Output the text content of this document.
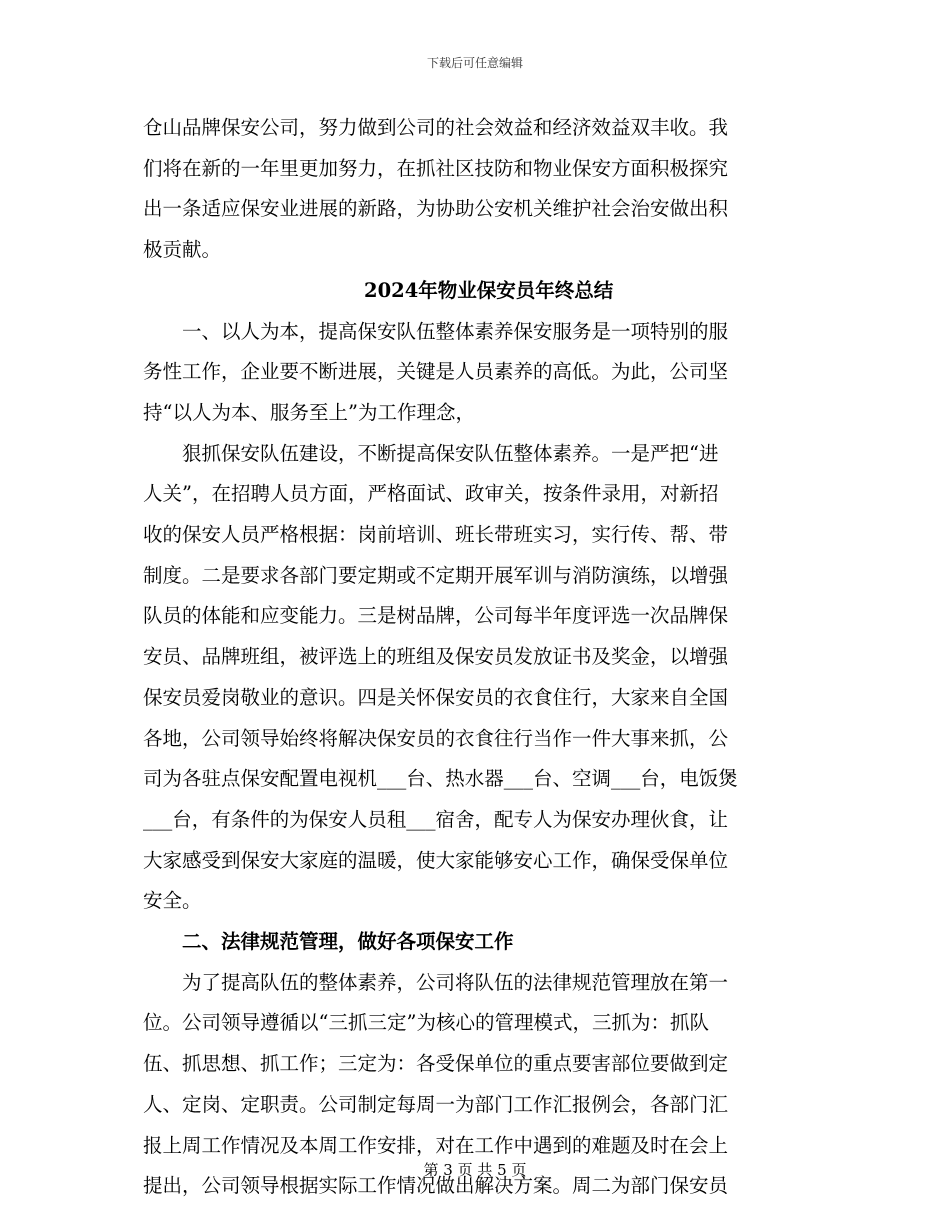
下载后可任意编辑
仓山品牌保安公司，努力做到公司的社会效益和经济效益双丰收。我
们将在新的一年里更加努力，在抓社区技防和物业保安方面积极探究
出一条适应保安业进展的新路，为协助公安机关维护社会治安做出积
极贡献。
2024年物业保安员年终总结
一、以人为本，提高保安队伍整体素养保安服务是一项特别的服
务性工作，企业要不断进展，关键是人员素养的高低。为此，公司坚
持“以人为本、服务至上”为工作理念，
狠抓保安队伍建设，不断提高保安队伍整体素养。一是严把“进
人关”，在招聘人员方面，严格面试、政审关，按条件录用，对新招
收的保安人员严格根据：岗前培训、班长带班实习，实行传、帮、带
制度。二是要求各部门要定期或不定期开展军训与消防演练，以增强
队员的体能和应变能力。三是树品牌，公司每半年度评选一次品牌保
安员、品牌班组，被评选上的班组及保安员发放证书及奖金，以增强
保安员爱岗敬业的意识。四是关怀保安员的衣食住行，大家来自全国
各地，公司领导始终将解决保安员的衣食往行当作一件大事来抓，公
司为各驻点保安配置电视机___台、热水器___台、空调___台，电饭煲
___台，有条件的为保安人员租___宿舍，配专人为保安办理伙食，让
大家感受到保安大家庭的温暖，使大家能够安心工作，确保受保单位
安全。
二、法律规范管理，做好各项保安工作
为了提高队伍的整体素养，公司将队伍的法律规范管理放在第一
位。公司领导遵循以“三抓三定”为核心的管理模式，三抓为：抓队
伍、抓思想、抓工作；三定为：各受保单位的重点要害部位要做到定
人、定岗、定职责。公司制定每周一为部门工作汇报例会，各部门汇
报上周工作情况及本周工作安排，对在工作中遇到的难题及时在会上
提出，公司领导根据实际工作情况做出解决方案。周二为部门保安员
第 3 页 共 5 页
